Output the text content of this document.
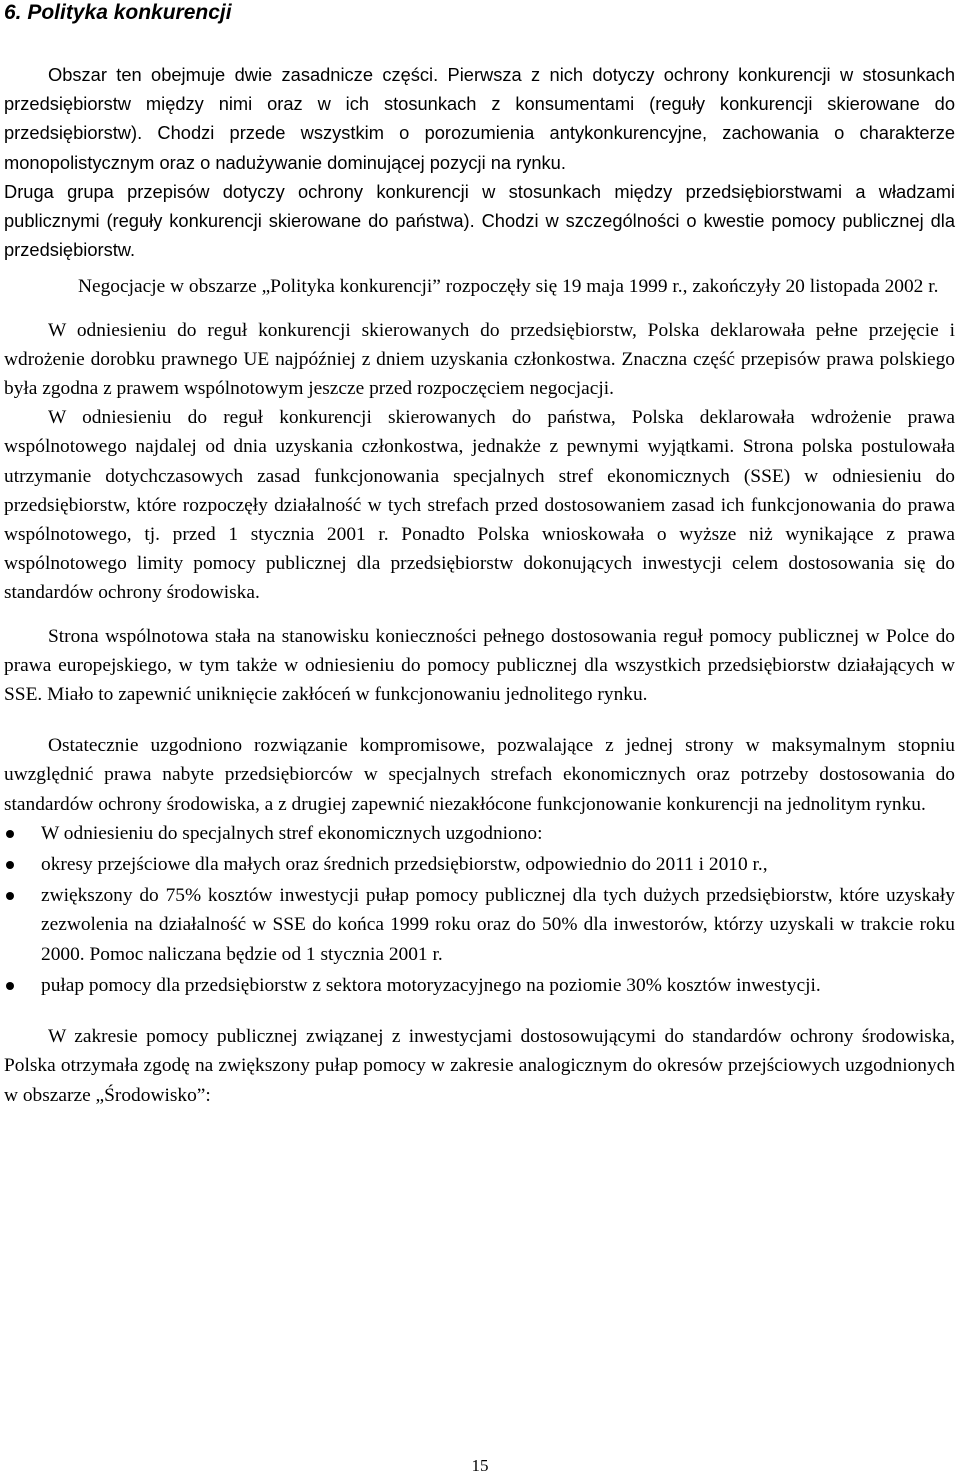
6. Polityka konkurencji

Obszar ten obejmuje dwie zasadnicze części. Pierwsza z nich dotyczy ochrony konkurencji w stosunkach przedsiębiorstw między nimi oraz w ich stosunkach z konsumentami (reguły konkurencji skierowane do przedsiębiorstw). Chodzi przede wszystkim o porozumienia antykonkurencyjne, zachowania o charakterze monopolistycznym oraz o nadużywanie dominującej pozycji na rynku.

Druga grupa przepisów dotyczy ochrony konkurencji w stosunkach między przedsiębiorstwami a władzami publicznymi (reguły konkurencji skierowane do państwa). Chodzi w szczególności o kwestie pomocy publicznej dla przedsiębiorstw.

Negocjacje w obszarze „Polityka konkurencji” rozpoczęły się 19 maja 1999 r., zakończyły 20 listopada 2002 r.

W odniesieniu do reguł konkurencji skierowanych do przedsiębiorstw, Polska deklarowała pełne przejęcie i wdrożenie dorobku prawnego UE najpóźniej z dniem uzyskania członkostwa. Znaczna część przepisów prawa polskiego była zgodna z prawem wspólnotowym jeszcze przed rozpoczęciem negocjacji.

W odniesieniu do reguł konkurencji skierowanych do państwa, Polska deklarowała wdrożenie prawa wspólnotowego najdalej od dnia uzyskania członkostwa, jednakże z pewnymi wyjątkami. Strona polska postulowała utrzymanie dotychczasowych zasad funkcjonowania specjalnych stref ekonomicznych (SSE) w odniesieniu do przedsiębiorstw, które rozpoczęły działalność w tych strefach przed dostosowaniem zasad ich funkcjonowania do prawa wspólnotowego, tj. przed 1 stycznia 2001 r. Ponadto Polska wnioskowała o wyższe niż wynikające z prawa wspólnotowego limity pomocy publicznej dla przedsiębiorstw dokonujących inwestycji celem dostosowania się do standardów ochrony środowiska.

Strona wspólnotowa stała na stanowisku konieczności pełnego dostosowania reguł pomocy publicznej w Polce do prawa europejskiego, w tym także w odniesieniu do pomocy publicznej dla wszystkich przedsiębiorstw działających w SSE. Miało to zapewnić uniknięcie zakłóceń w funkcjonowaniu jednolitego rynku.

Ostatecznie uzgodniono rozwiązanie kompromisowe, pozwalające z jednej strony w maksymalnym stopniu uwzględnić prawa nabyte przedsiębiorców w specjalnych strefach ekonomicznych oraz potrzeby dostosowania do standardów ochrony środowiska, a z drugiej zapewnić niezakłócone funkcjonowanie konkurencji na jednolitym rynku.

W odniesieniu do specjalnych stref ekonomicznych uzgodniono:
okresy przejściowe dla małych oraz średnich przedsiębiorstw, odpowiednio do 2011 i 2010 r.,
zwiększony do 75% kosztów inwestycji pułap pomocy publicznej dla tych dużych przedsiębiorstw, które uzyskały zezwolenia na działalność w SSE do końca 1999 roku oraz do 50% dla inwestorów, którzy uzyskali w trakcie roku 2000. Pomoc naliczana będzie od 1 stycznia 2001 r.
pułap pomocy dla przedsiębiorstw z sektora motoryzacyjnego na poziomie 30% kosztów inwestycji.

W zakresie pomocy publicznej związanej z inwestycjami dostosowującymi do standardów ochrony środowiska, Polska otrzymała zgodę na zwiększony pułap pomocy w zakresie analogicznym do okresów przejściowych uzgodnionych w obszarze „Środowisko”:

15
